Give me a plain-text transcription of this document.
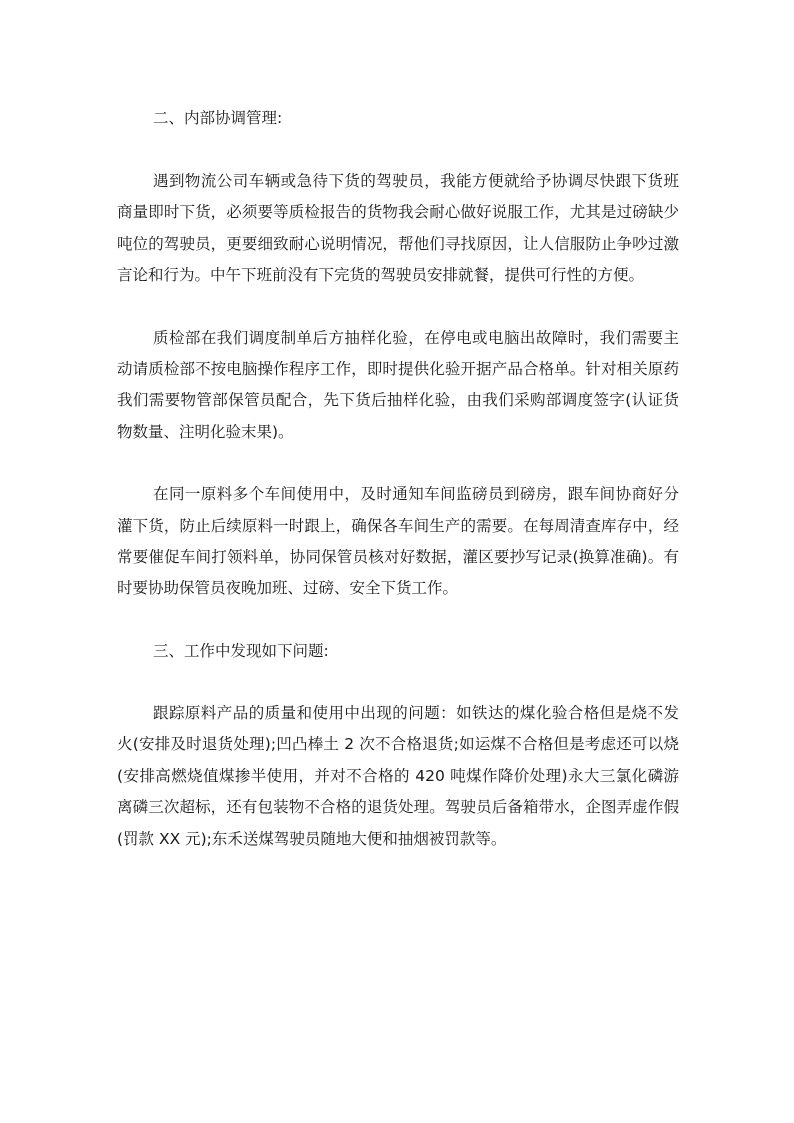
二、内部协调管理:

遇到物流公司车辆或急待下货的驾驶员，我能方便就给予协调尽快跟下货班商量即时下货，必须要等质检报告的货物我会耐心做好说服工作，尤其是过磅缺少吨位的驾驶员，更要细致耐心说明情况，帮他们寻找原因，让人信服防止争吵过激言论和行为。中午下班前没有下完货的驾驶员安排就餐，提供可行性的方便。

质检部在我们调度制单后方抽样化验，在停电或电脑出故障时，我们需要主动请质检部不按电脑操作程序工作，即时提供化验开据产品合格单。针对相关原药我们需要物管部保管员配合，先下货后抽样化验，由我们采购部调度签字(认证货物数量、注明化验末果)。

在同一原料多个车间使用中，及时通知车间监磅员到磅房，跟车间协商好分灌下货，防止后续原料一时跟上，确保各车间生产的需要。在每周清查库存中，经常要催促车间打领料单，协同保管员核对好数据，灌区要抄写记录(换算准确)。有时要协助保管员夜晚加班、过磅、安全下货工作。

三、工作中发现如下问题:

跟踪原料产品的质量和使用中出现的问题：如铁达的煤化验合格但是烧不发火(安排及时退货处理);凹凸棒土 2 次不合格退货;如运煤不合格但是考虑还可以烧(安排高燃烧值煤掺半使用，并对不合格的 420 吨煤作降价处理)永大三氯化磷游离磷三次超标，还有包装物不合格的退货处理。驾驶员后备箱带水，企图弄虚作假(罚款 XX 元);东禾送煤驾驶员随地大便和抽烟被罚款等。
